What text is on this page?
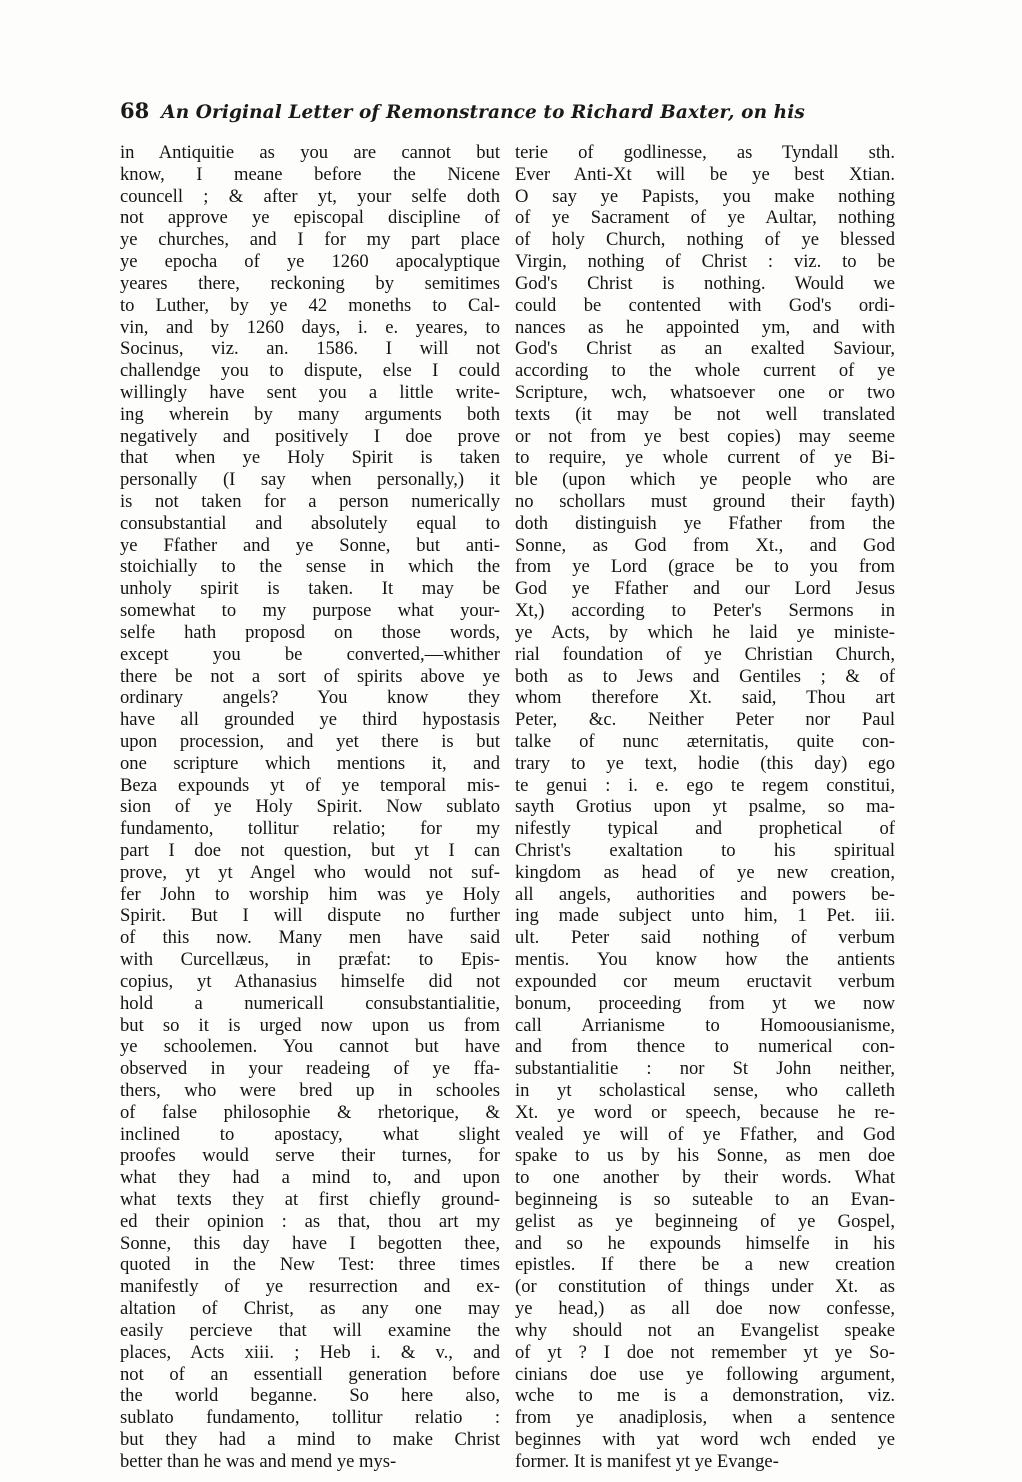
68 An Original Letter of Remonstrance to Richard Baxter, on his
in Antiquitie as you are cannot but
know, I meane before the Nicene
councell ; & after yt, your selfe doth
not approve ye episcopal discipline of
ye churches, and I for my part place
ye epocha of ye 1260 apocalyptique
yeares there, reckoning by semitimes
to Luther, by ye 42 moneths to Cal-
vin, and by 1260 days, i. e. yeares, to
Socinus, viz. an. 1586. I will not
challendge you to dispute, else I could
willingly have sent you a little write-
ing wherein by many arguments both
negatively and positively I doe prove
that when ye Holy Spirit is taken
personally (I say when personally,) it
is not taken for a person numerically
consubstantial and absolutely equal to
ye Ffather and ye Sonne, but anti-
stoichially to the sense in which the
unholy spirit is taken. It may be
somewhat to my purpose what your-
selfe hath proposd on those words,
except you be converted,—whither
there be not a sort of spirits above ye
ordinary angels? You know they
have all grounded ye third hypostasis
upon procession, and yet there is but
one scripture which mentions it, and
Beza expounds yt of ye temporal mis-
sion of ye Holy Spirit. Now sublato
fundamento, tollitur relatio; for my
part I doe not question, but yt I can
prove, yt yt Angel who would not suf-
fer John to worship him was ye Holy
Spirit. But I will dispute no further
of this now. Many men have said
with Curcellæus, in præfat: to Epis-
copius, yt Athanasius himselfe did not
hold a numericall consubstantialitie,
but so it is urged now upon us from
ye schoolemen. You cannot but have
observed in your readeing of ye ffa-
thers, who were bred up in schooles
of false philosophie & rhetorique, &
inclined to apostacy, what slight
proofes would serve their turnes, for
what they had a mind to, and upon
what texts they at first chiefly ground-
ed their opinion : as that, thou art my
Sonne, this day have I begotten thee,
quoted in the New Test: three times
manifestly of ye resurrection and ex-
altation of Christ, as any one may
easily percieve that will examine the
places, Acts xiii. ; Heb i. & v., and
not of an essentiall generation before
the world beganne. So here also,
sublato fundamento, tollitur relatio :
but they had a mind to make Christ
better than he was and mend ye mys-
terie of godlinesse, as Tyndall sth.
Ever Anti-Xt will be ye best Xtian.
O say ye Papists, you make nothing
of ye Sacrament of ye Aultar, nothing
of holy Church, nothing of ye blessed
Virgin, nothing of Christ : viz. to be
God's Christ is nothing. Would we
could be contented with God's ordi-
nances as he appointed ym, and with
God's Christ as an exalted Saviour,
according to the whole current of ye
Scripture, wch, whatsoever one or two
texts (it may be not well translated
or not from ye best copies) may seeme
to require, ye whole current of ye Bi-
ble (upon which ye people who are
no schollars must ground their fayth)
doth distinguish ye Ffather from the
Sonne, as God from Xt., and God
from ye Lord (grace be to you from
God ye Ffather and our Lord Jesus
Xt,) according to Peter's Sermons in
ye Acts, by which he laid ye ministe-
rial foundation of ye Christian Church,
both as to Jews and Gentiles ; & of
whom therefore Xt. said, Thou art
Peter, &c. Neither Peter nor Paul
talke of nunc æternitatis, quite con-
trary to ye text, hodie (this day) ego
te genui : i. e. ego te regem constitui,
sayth Grotius upon yt psalme, so ma-
nifestly typical and prophetical of
Christ's exaltation to his spiritual
kingdom as head of ye new creation,
all angels, authorities and powers be-
ing made subject unto him, 1 Pet. iii.
ult. Peter said nothing of verbum
mentis. You know how the antients
expounded cor meum eructavit verbum
bonum, proceeding from yt we now
call Arrianisme to Homoousianisme,
and from thence to numerical con-
substantialitie : nor St John neither,
in yt scholastical sense, who calleth
Xt. ye word or speech, because he re-
vealed ye will of ye Ffather, and God
spake to us by his Sonne, as men doe
to one another by their words. What
beginneing is so suteable to an Evan-
gelist as ye beginneing of ye Gospel,
and so he expounds himselfe in his
epistles. If there be a new creation
(or constitution of things under Xt. as
ye head,) as all doe now confesse,
why should not an Evangelist speake
of yt ? I doe not remember yt ye So-
cinians doe use ye following argument,
wche to me is a demonstration, viz.
from ye anadiplosis, when a sentence
beginnes with yat word wch ended ye
former. It is manifest yt ye Evange-
